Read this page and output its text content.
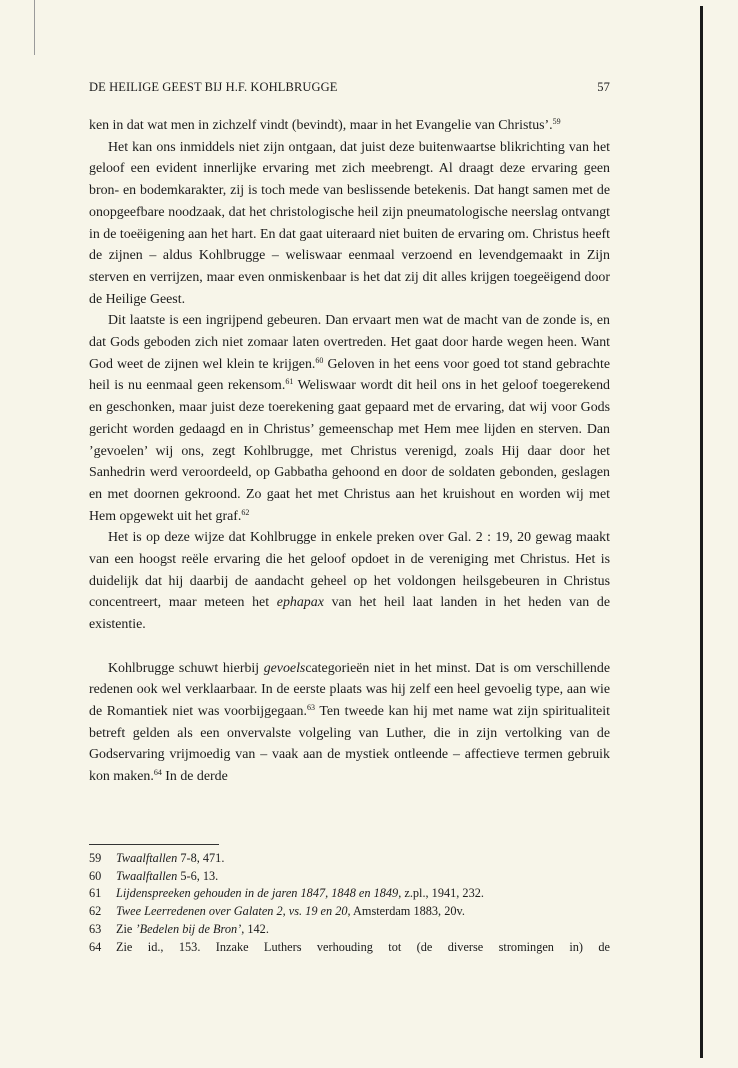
DE HEILIGE GEEST BIJ H.F. KOHLBRUGGE	57

ken in dat wat men in zichzelf vindt (bevindt), maar in het Evangelie van Christus’.$^{59}$

Het kan ons inmiddels niet zijn ontgaan, dat juist deze buitenwaartse blikrichting van het geloof een evident innerlijke ervaring met zich meebrengt. Al draagt deze ervaring geen bron- en bodemkarakter, zij is toch mede van beslissende betekenis. Dat hangt samen met de onopgeefbare noodzaak, dat het christologische heil zijn pneumatologische neerslag ontvangt in de toeëigening aan het hart. En dat gaat uiteraard niet buiten de ervaring om. Christus heeft de zijnen – aldus Kohlbrugge – weliswaar eenmaal verzoend en levendgemaakt in Zijn sterven en verrijzen, maar even onmiskenbaar is het dat zij dit alles krijgen toegeëigend door de Heilige Geest.

Dit laatste is een ingrijpend gebeuren. Dan ervaart men wat de macht van de zonde is, en dat Gods geboden zich niet zomaar laten overtreden. Het gaat door harde wegen heen. Want God weet de zijnen wel klein te krijgen.$^{60}$ Geloven in het eens voor goed tot stand gebrachte heil is nu eenmaal geen rekensom.$^{61}$ Weliswaar wordt dit heil ons in het geloof toegerekend en geschonken, maar juist deze toerekening gaat gepaard met de ervaring, dat wij voor Gods gericht worden gedaagd en in Christus’ gemeenschap met Hem mee lijden en sterven. Dan ’gevoelen’ wij ons, zegt Kohlbrugge, met Christus verenigd, zoals Hij daar door het Sanhedrin werd veroordeeld, op Gabbatha gehoond en door de soldaten gebonden, geslagen en met doornen gekroond. Zo gaat het met Christus aan het kruishout en worden wij met Hem opgewekt uit het graf.$^{62}$

Het is op deze wijze dat Kohlbrugge in enkele preken over Gal. 2 : 19, 20 gewag maakt van een hoogst reële ervaring die het geloof opdoet in de vereniging met Christus. Het is duidelijk dat hij daarbij de aandacht geheel op het voldongen heilsgebeuren in Christus concentreert, maar meteen het ephapax van het heil laat landen in het heden van de existentie.

Kohlbrugge schuwt hierbij gevoelscategorieën niet in het minst. Dat is om verschillende redenen ook wel verklaarbaar. In de eerste plaats was hij zelf een heel gevoelig type, aan wie de Romantiek niet was voorbijgegaan.$^{63}$ Ten tweede kan hij met name wat zijn spiritualiteit betreft gelden als een onvervalste volgeling van Luther, die in zijn vertolking van de Godservaring vrijmoedig van – vaak aan de mystiek ontleende – affectieve termen gebruik kon maken.$^{64}$ In de derde

59	Twaalftallen 7-8, 471.
60	Twaalftallen 5-6, 13.
61	Lijdenspreeken gehouden in de jaren 1847, 1848 en 1849, z.pl., 1941, 232.
62	Twee Leerredenen over Galaten 2, vs. 19 en 20, Amsterdam 1883, 20v.
63	Zie ’Bedelen bij de Bron’, 142.
64	Zie id., 153. Inzake Luthers verhouding tot (de diverse stromingen in) de
